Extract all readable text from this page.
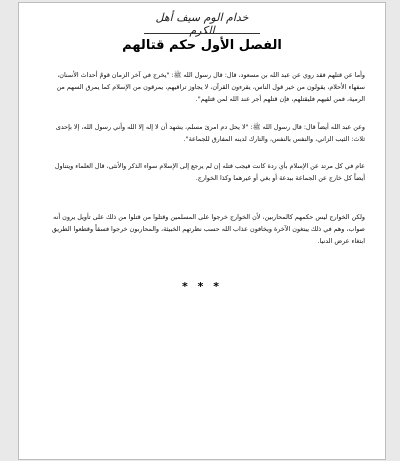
خدام الوم سيف أهل الكرم
الفصل الأول حكم قتالهم
وأما عن قتلهم فقد روي عن عبد الله بن مسعود، قال: قال رسول الله ﷺ: "يخرج في آخر الزمان قومٌ أحداث الأسنان، سفهاء الأحلام، يقولون من خير قول الناس، يقرءون القرآن، لا يجاوز تراقيهم، يمرقون من الإسلام كما يمرق السهم من الرمية، فمن لقيهم فليقتلهم، فإن قتلهم أجر عند الله لمن قتلهم".
وعن عبد الله أيضاً قال: قال رسول الله ﷺ: "لا يحل دم امرئ مسلم، يشهد أن لا إله إلا الله وأني رسول الله، إلا بإحدى ثلاث: الثيب الزاني، والنفس بالنفس، والتارك لدينه المفارق للجماعة".
عام في كل مرتد عن الإسلام بأي ردة كانت فيجب قتله إن لم يرجع إلى الإسلام سواء الذكر والأنثى، قال العلماء ويتناول أيضاً كل خارج عن الجماعة ببدعة أو بغي أو غيرهما وكذا الخوارج.
ولكن الخوارج ليس حكمهم كالمحاربين، لأن الخوارج خرجوا على المسلمين وقتلوا من قتلوا من ذلك على تأويل يرون أنه صواب، وهم في ذلك يبتغون الآخرة ويخافون عذاب الله حسب نظرتهم الخبيثة، والمحاربون خرجوا فسقاً وقطعوا الطريق ابتغاء عرض الدنيا.
* * *
